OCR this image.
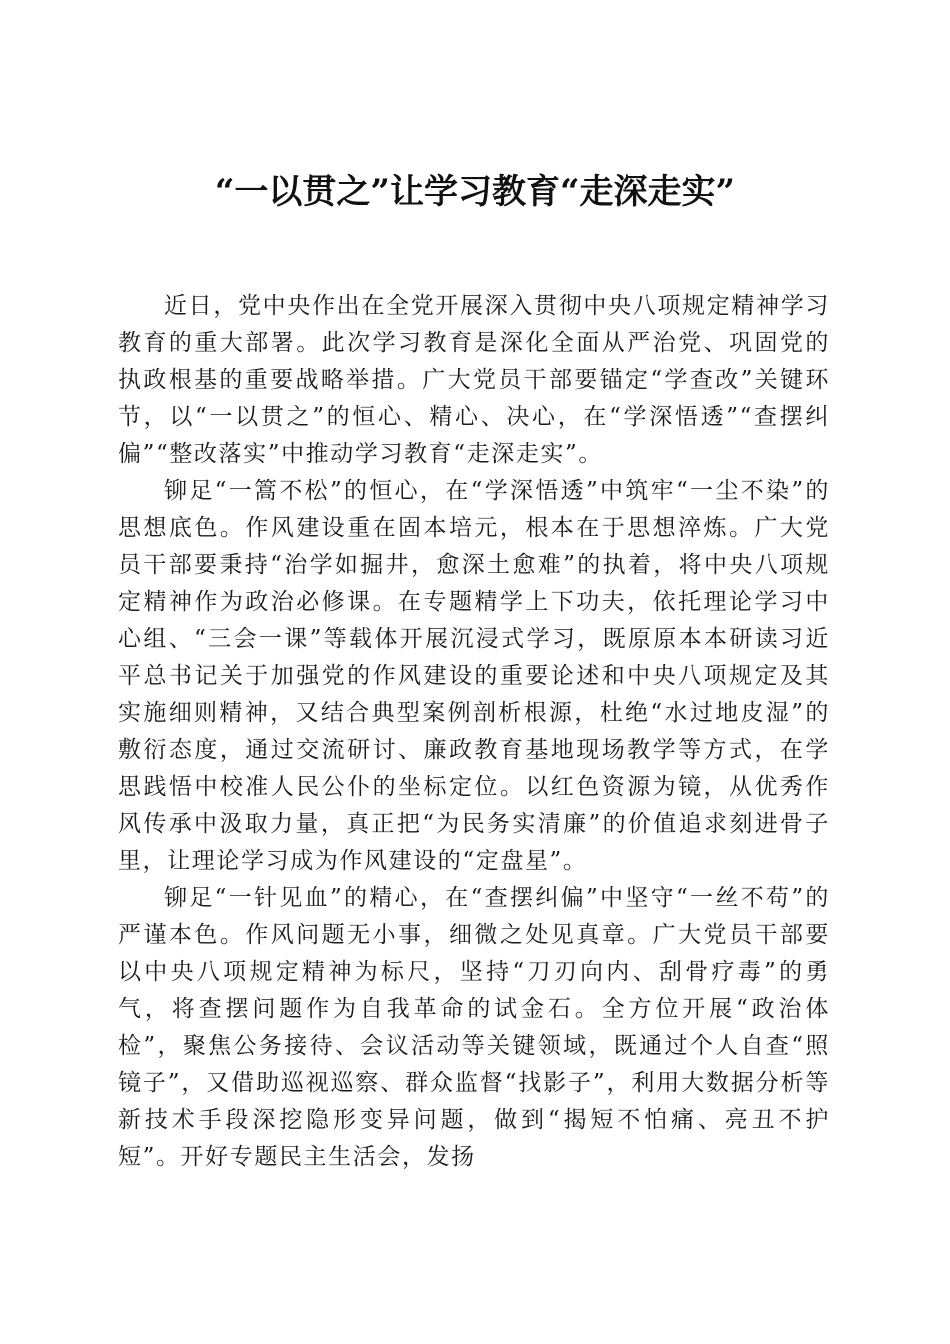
“一以贯之”让学习教育“走深走实”

近日，党中央作出在全党开展深入贯彻中央八项规定精神学习教育的重大部署。此次学习教育是深化全面从严治党、巩固党的执政根基的重要战略举措。广大党员干部要锚定“学查改”关键环节，以“一以贯之”的恒心、精心、决心，在“学深悟透”“查摆纠偏”“整改落实”中推动学习教育“走深走实”。

铆足“一篙不松”的恒心，在“学深悟透”中筑牢“一尘不染”的思想底色。作风建设重在固本培元，根本在于思想淬炼。广大党员干部要秉持“治学如掘井，愈深土愈难”的执着，将中央八项规定精神作为政治必修课。在专题精学上下功夫，依托理论学习中心组、“三会一课”等载体开展沉浸式学习，既原原本本研读习近平总书记关于加强党的作风建设的重要论述和中央八项规定及其实施细则精神，又结合典型案例剖析根源，杜绝“水过地皮湿”的敷衍态度，通过交流研讨、廉政教育基地现场教学等方式，在学思践悟中校准人民公仆的坐标定位。以红色资源为镜，从优秀作风传承中汲取力量，真正把“为民务实清廉”的价值追求刻进骨子里，让理论学习成为作风建设的“定盘星”。

铆足“一针见血”的精心，在“查摆纠偏”中坚守“一丝不苟”的严谨本色。作风问题无小事，细微之处见真章。广大党员干部要以中央八项规定精神为标尺，坚持“刀刃向内、刮骨疗毒”的勇气，将查摆问题作为自我革命的试金石。全方位开展“政治体检”，聚焦公务接待、会议活动等关键领域，既通过个人自查“照镜子”，又借助巡视巡察、群众监督“找影子”，利用大数据分析等新技术手段深挖隐形变异问题，做到“揭短不怕痛、亮丑不护短”。开好专题民主生活会，发扬
